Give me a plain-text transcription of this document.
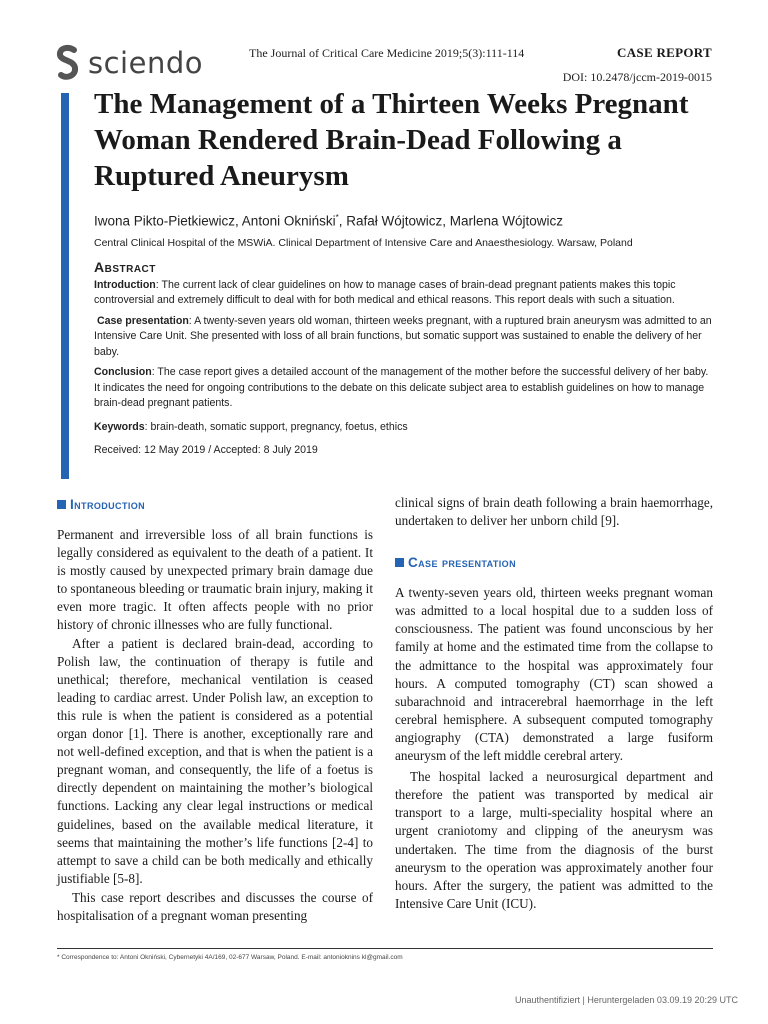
sciendo	The Journal of Critical Care Medicine 2019;5(3):111-114	CASE REPORT
DOI: 10.2478/jccm-2019-0015
The Management of a Thirteen Weeks Pregnant Woman Rendered Brain-Dead Following a Ruptured Aneurysm
Iwona Pikto-Pietkiewicz, Antoni Okniński*, Rafał Wójtowicz, Marlena Wójtowicz
Central Clinical Hospital of the MSWiA. Clinical Department of Intensive Care and Anaesthesiology. Warsaw, Poland
Abstract

Introduction: The current lack of clear guidelines on how to manage cases of brain-dead pregnant patients makes this topic controversial and extremely difficult to deal with for both medical and ethical reasons. This report deals with such a situation.

Case presentation: A twenty-seven years old woman, thirteen weeks pregnant, with a ruptured brain aneurysm was admitted to an Intensive Care Unit. She presented with loss of all brain functions, but somatic support was sustained to enable the delivery of her baby.

Conclusion: The case report gives a detailed account of the management of the mother before the successful delivery of her baby. It indicates the need for ongoing contributions to the debate on this delicate subject area to establish guidelines on how to manage brain-dead pregnant patients.

Keywords: brain-death, somatic support, pregnancy, foetus, ethics

Received: 12 May 2019 / Accepted: 8 July 2019

Introduction
Case presentation

Permanent and irreversible loss of all brain functions is legally considered as equivalent to the death of a patient. It is mostly caused by unexpected primary brain damage due to spontaneous bleeding or traumatic brain injury, making it even more tragic. It often affects people with no prior history of chronic illnesses who are fully functional.

After a patient is declared brain-dead, according to Polish law, the continuation of therapy is futile and unethical; therefore, mechanical ventilation is ceased leading to cardiac arrest. Under Polish law, an exception to this rule is when the patient is considered as a potential organ donor [1]. There is another, exceptionally rare and not well-defined exception, and that is when the patient is a pregnant woman, and consequently, the life of a foetus is directly dependent on maintaining the mother’s biological functions. Lacking any clear legal instructions or medical guidelines, based on the available medical literature, it seems that maintaining the mother’s life functions [2-4] to attempt to save a child can be both medically and ethically justifiable [5-8].

This case report describes and discusses the course of hospitalisation of a pregnant woman presenting

clinical signs of brain death following a brain haemorrhage, undertaken to deliver her unborn child [9].

A twenty-seven years old, thirteen weeks pregnant woman was admitted to a local hospital due to a sudden loss of consciousness. The patient was found unconscious by her family at home and the estimated time from the collapse to the admittance to the hospital was approximately four hours. A computed tomography (CT) scan showed a subarachnoid and intracerebral haemorrhage in the left cerebral hemisphere. A subsequent computed tomography angiography (CTA) demonstrated a large fusiform aneurysm of the left middle cerebral artery.

The hospital lacked a neurosurgical department and therefore the patient was transported by medical air transport to a large, multi-speciality hospital where an urgent craniotomy and clipping of the aneurysm was undertaken. The time from the diagnosis of the burst aneurysm to the operation was approximately another four hours. After the surgery, the patient was admitted to the Intensive Care Unit (ICU).

* Correspondence to: Antoni Okniński, Cybernetyki 4A/169, 02-677 Warsaw, Poland. E-mail: antonioknins kl@gmail.com
Unauthentifiziert | Heruntergeladen 03.09.19 20:29 UTC
